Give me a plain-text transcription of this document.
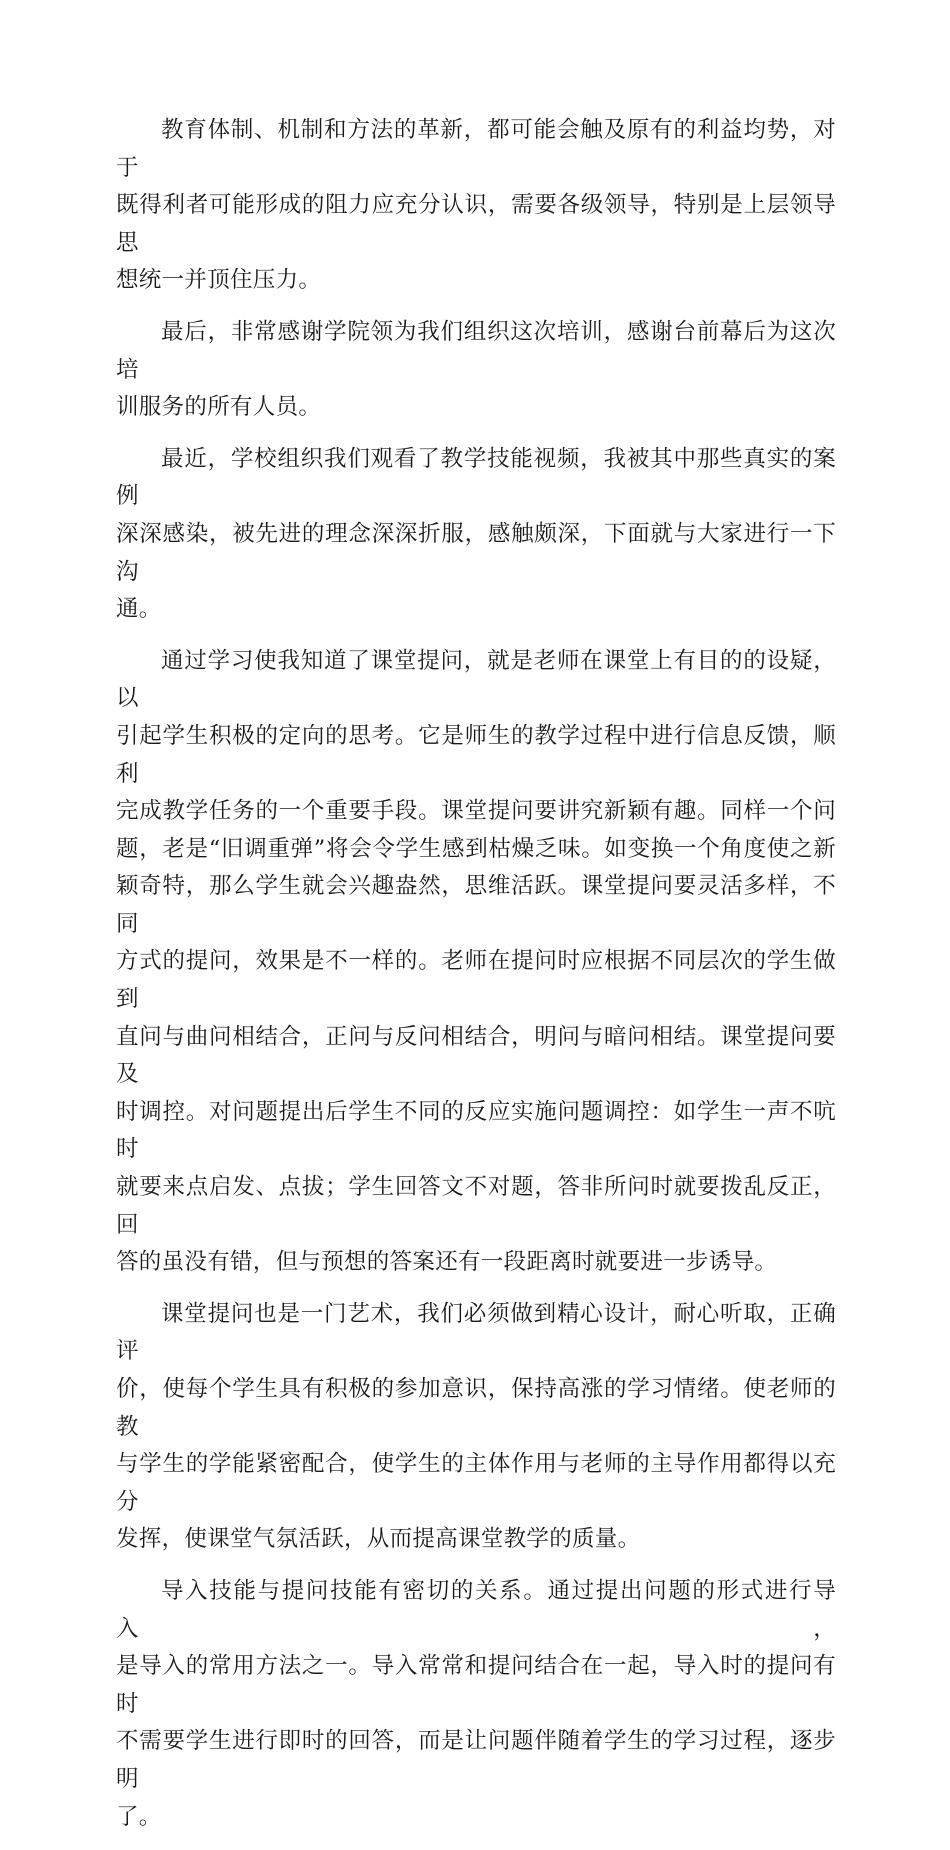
教育体制、机制和方法的革新，都可能会触及原有的利益均势，对于
既得利者可能形成的阻力应充分认识，需要各级领导，特别是上层领导思
想统一并顶住压力。
最后，非常感谢学院领为我们组织这次培训，感谢台前幕后为这次培
训服务的所有人员。
最近，学校组织我们观看了教学技能视频，我被其中那些真实的案例
深深感染，被先进的理念深深折服，感触颇深，下面就与大家进行一下沟
通。
通过学习使我知道了课堂提问，就是老师在课堂上有目的的设疑，以
引起学生积极的定向的思考。它是师生的教学过程中进行信息反馈，顺利
完成教学任务的一个重要手段。课堂提问要讲究新颖有趣。同样一个问
题，老是“旧调重弹”将会令学生感到枯燥乏味。如变换一个角度使之新
颖奇特，那么学生就会兴趣盎然，思维活跃。课堂提问要灵活多样，不同
方式的提问，效果是不一样的。老师在提问时应根据不同层次的学生做到
直问与曲问相结合，正问与反问相结合，明问与暗问相结。课堂提问要及
时调控。对问题提出后学生不同的反应实施问题调控：如学生一声不吭时
就要来点启发、点拔；学生回答文不对题，答非所问时就要拨乱反正，回
答的虽没有错，但与预想的答案还有一段距离时就要进一步诱导。
课堂提问也是一门艺术，我们必须做到精心设计，耐心听取，正确评
价，使每个学生具有积极的参加意识，保持高涨的学习情绪。使老师的教
与学生的学能紧密配合，使学生的主体作用与老师的主导作用都得以充分
发挥，使课堂气氛活跃，从而提高课堂教学的质量。
导入技能与提问技能有密切的关系。通过提出问题的形式进行导入，
是导入的常用方法之一。导入常常和提问结合在一起，导入时的提问有时
不需要学生进行即时的回答，而是让问题伴随着学生的学习过程，逐步明
了。
